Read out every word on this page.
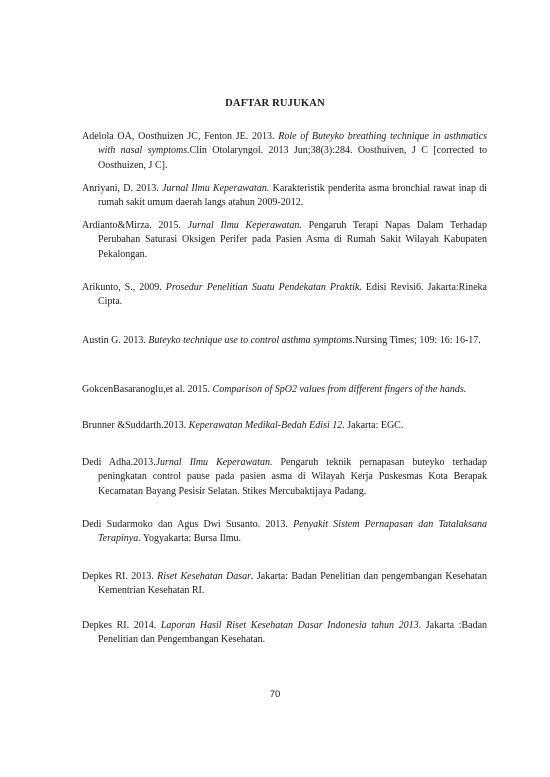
DAFTAR RUJUKAN
Adelola OA, Oosthuizen JC, Fenton JE. 2013. Role of Buteyko breathing technique in asthmatics with nasal symptoms.Clin Otolaryngol. 2013 Jun;38(3):284. Oosthuiven, J C [corrected to Oosthuizen, J C].
Anriyani, D. 2013. Jurnal Ilmu Keperawatan. Karakteristik penderita asma bronchial rawat inap di rumah sakit umum daerah langs atahun 2009-2012.
Ardianto&Mirza. 2015. Jurnal Ilmu Keperawatan. Pengaruh Terapi Napas Dalam Terhadap Perubahan Saturasi Oksigen Perifer pada Pasien Asma di Rumah Sakit Wilayah Kabupaten Pekalongan.
Arikunto, S., 2009. Prosedur Penelitian Suatu Pendekatan Praktik. Edisi Revisi6. Jakarta:Rineka Cipta.
Austin G. 2013. Buteyko technique use to control asthma symptoms.Nursing Times; 109: 16: 16-17.
GokcenBasaranoglu,et al. 2015. Comparison of SpO2 values from different fingers of the hands.
Brunner &Suddarth.2013. Keperawatan Medikal-Bedah Edisi 12. Jakarta: EGC.
Dedi Adha.2013.Jurnal Ilmu Keperawatan. Pengaruh teknik pernapasan buteyko terhadap peningkatan control pause pada pasien asma di Wilayah Kerja Puskesmas Kota Berapak Kecamatan Bayang Pesisir Selatan. Stikes Mercubaktijaya Padang.
Dedi Sudarmoko dan Agus Dwi Susanto. 2013. Penyakit Sistem Pernapasan dan Tatalaksana Terapinya. Yogyakarta: Bursa Ilmu.
Depkes RI. 2013. Riset Kesehatan Dasar. Jakarta: Badan Penelitian dan pengembangan Kesehatan Kementrian Kesehatan RI.
Depkes RI. 2014. Laporan Hasil Riset Kesehatan Dasar Indonesia tahun 2013. Jakarta :Badan Penelitian dan Pengembangan Kesehatan.
70
